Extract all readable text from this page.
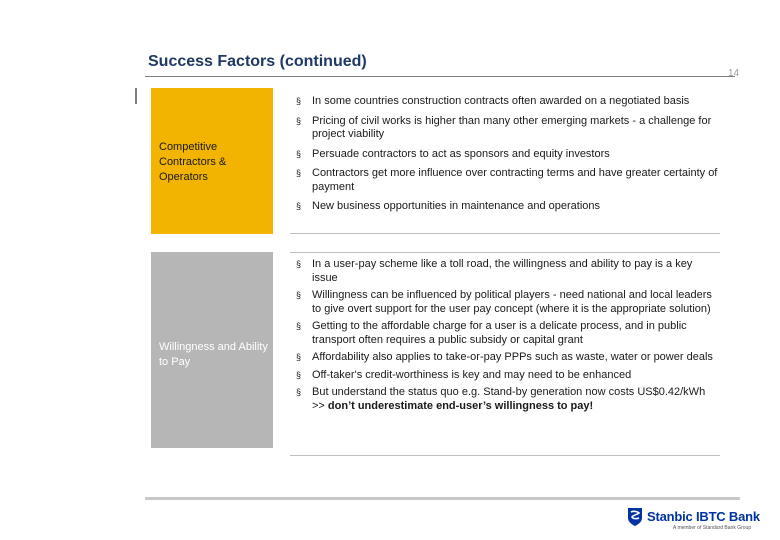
Success Factors (continued)
14
Competitive Contractors & Operators
§ In some countries construction contracts often awarded on a negotiated basis
§ Pricing of civil works is higher than many other emerging markets - a challenge for project viability
§ Persuade contractors to act as sponsors and equity investors
§ Contractors get more influence over contracting terms and have greater certainty of payment
§ New business opportunities in maintenance and operations
Willingness and Ability to Pay
§ In a user-pay scheme like a toll road, the willingness and ability to pay is a key issue
§ Willingness can be influenced by political players - need national and local leaders to give overt support for the user pay concept (where it is the appropriate solution)
§ Getting to the affordable charge for a user is a delicate process, and in public transport often requires a public subsidy or capital grant
§ Affordability also applies to take-or-pay PPPs such as waste, water or power deals
§ Off-taker's credit-worthiness is key and may need to be enhanced
§ But understand the status quo e.g. Stand-by generation now costs US$0.42/kWh >> don’t underestimate end-user’s willingness to pay!
Stanbic IBTC Bank
A member of Standard Bank Group
